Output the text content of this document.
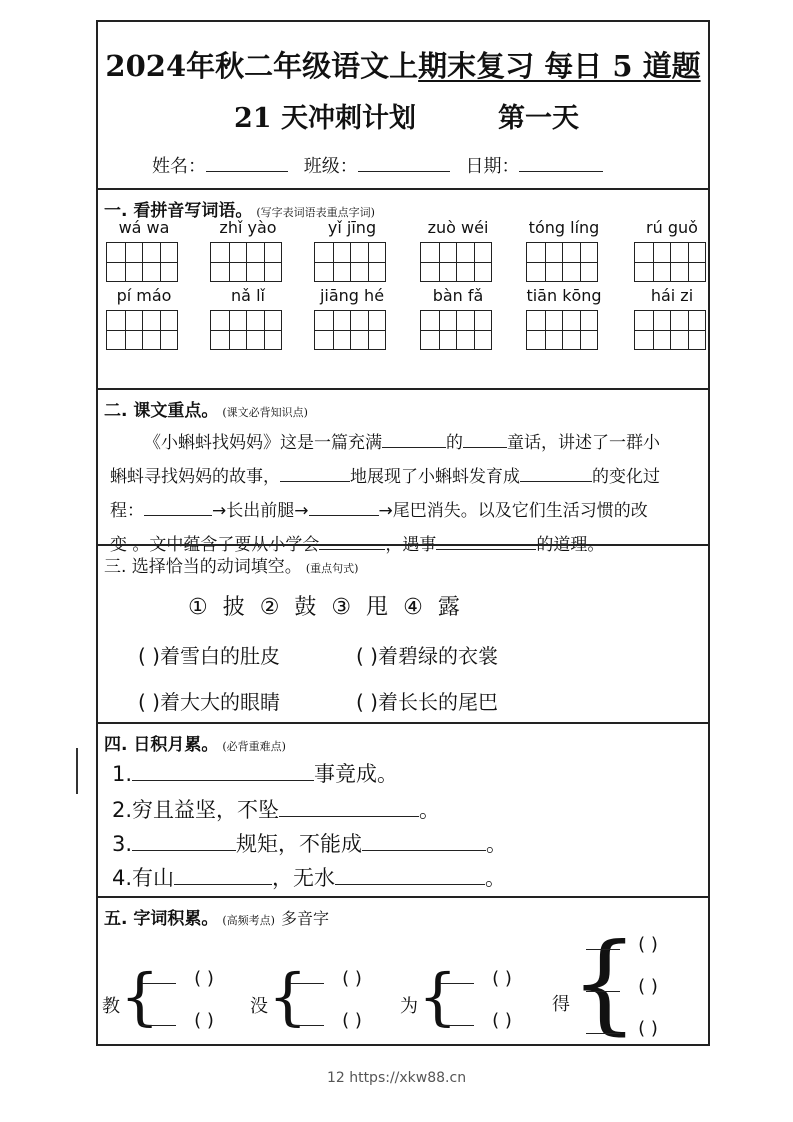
2024年秋二年级语文上期末复习 每日 5 道题
21 天冲刺计划	第一天
姓名：	班级：	日期：
一. 看拼音写词语。 (写字表词语表重点字词)
wá wa	zhǐ yào	yǐ jīng	zuò wéi	tóng líng	rú guǒ
pí máo	nǎ lǐ	jiāng hé	bàn fǎ	tiān kōng	hái zi
二. 课文重点。 (课文必背知识点)
《小蝌蚪找妈妈》这是一篇充满	的	童话，讲述了一群小
蝌蚪寻找妈妈的故事，	地展现了小蝌蚪发育成	的变化过
程：	→长出前腿→	→尾巴消失。以及它们生活习惯的改
变 。文中蕴含了要从小学会	，遇事	的道理。
三. 选择恰当的动词填空。 (重点句式)
① 披 ② 鼓 ③ 甩 ④ 露
( )着雪白的肚皮	( )着碧绿的衣裳
( )着大大的眼睛	( )着长长的尾巴
四. 日积月累。 (必背重难点)
1.	事竟成。
2.穷且益坚，不坠	。
3.	规矩，不能成	。
4.有山	，无水	。
五. 字词积累。 (高频考点) 多音字
教 {	( )
( )
没 {	( )
( )
为 {	( )
( )
得 { ( )
( )
( )
12 https://xkw88.cn
